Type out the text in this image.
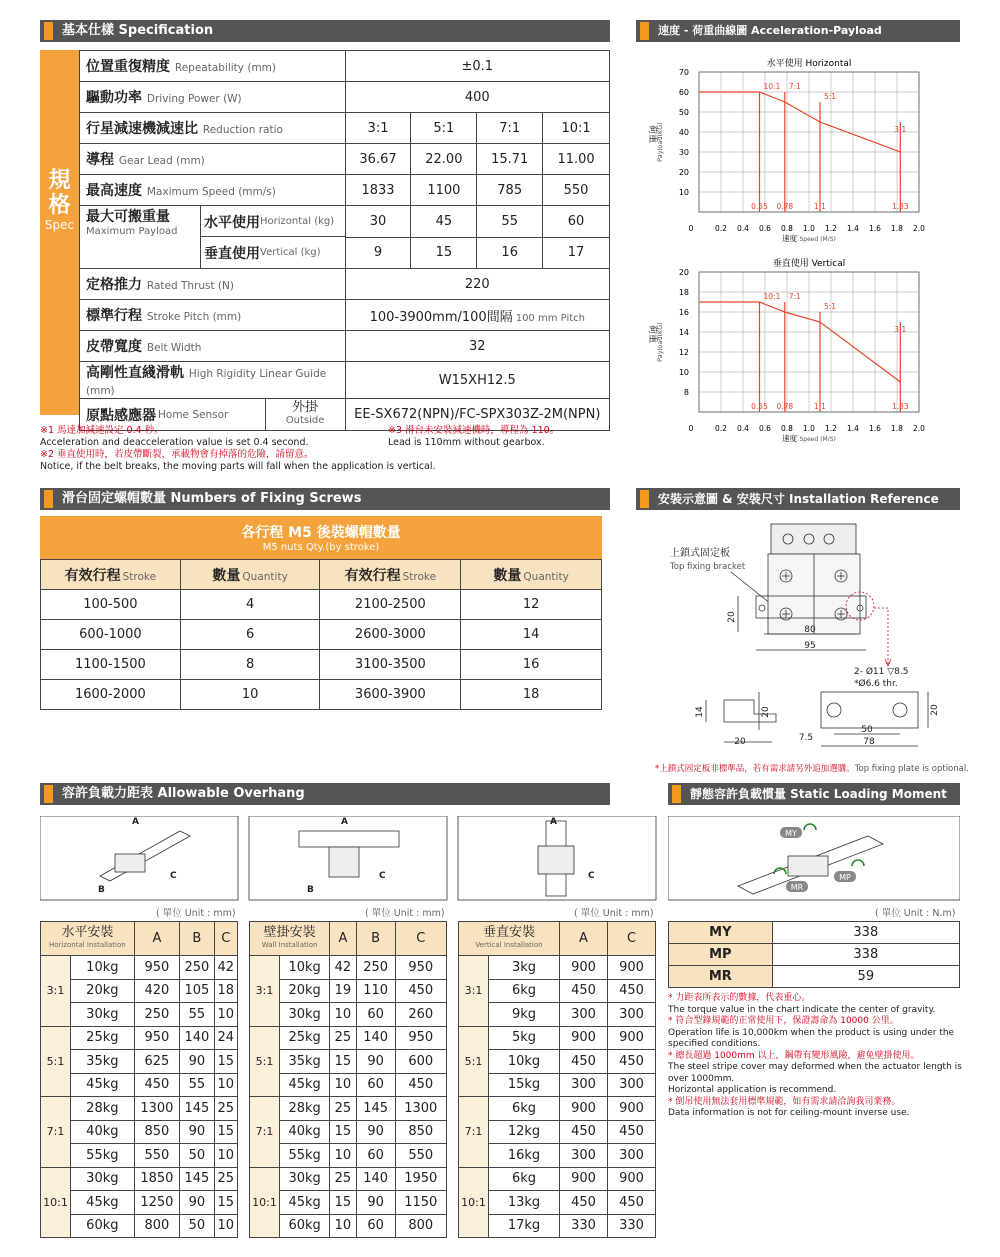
基本仕樣 Specification
規格
Spec
位置重復精度 Repeatability (mm)	±0.1			
驅動功率 Driving Power (W)	400			
行星減速機減速比 Reduction ratio	3:1	5:1	7:1	10:1
導程 Gear Lead (mm)	36.67	22.00	15.71	11.00
最高速度 Maximum Speed (mm/s)	1833	1100	785	550

最大可搬重量
Maximum Payload
水平使用 Horizontal (kg)	30	45	55	60

垂直使用 Vertical (kg)	9	15	16	17
定格推力 Rated Thrust (N)	220			
標準行程 Stroke Pitch (mm)	100-3900mm/100間隔 100 mm Pitch			
皮帶寬度 Belt Width	32			
高剛性直綫滑軌 High Rigidity Linear Guide (mm)	W15XH12.5			

原點感應器 Home Sensor 外掛
Outside	EE-SX672(NPN)/FC-SPX303Z-2M(NPN)			
※1 馬達加減速設定 0.4 秒。
Acceleration and deacceleration value is set 0.4 second.
※2 垂直使用時，若皮帶斷裂，承載物會有掉落的危險，請留意。
Notice, if the belt breaks, the moving parts will fall when the application is vertical.
※3 滑台未安裝減速機時，導程為 110。
Lead is 110mm without gearbox.
速度 - 荷重曲線圖 Acceleration-Payload Relationship
水平使用 Horizontal
70
60
50
40
30
20
10
0	0.2 0.4 0.6 0.8 1.0 1.2 1.4 1.6 1.8 2.0
荷重 Payload(KG)
速度 Speed (M/S)
0.55
10:1
0.78
7:1
1.1
5:1
1.83
3:1
垂直使用 Vertical
20
18
16
14
12
10
8
0	0.2 0.4 0.6 0.8 1.0 1.2 1.4 1.6 1.8 2.0
荷重 Payload(KG)
速度 Speed (M/S)
0.55
10:1
0.78
7:1
1.1
5:1
1.83
3:1
滑台固定螺帽數量 Numbers of Fixing Screws
各行程 M5 後裝螺帽數量
M5 nuts Qty.(by stroke)
有效行程 Stroke	數量 Quantity	有效行程 Stroke	數量 Quantity
100-500	4	2100-2500	12
600-1000	6	2600-3000	14
1100-1500	8	3100-3500	16
1600-2000	10	3600-3900	18
安裝示意圖 & 安裝尺寸 Installation Reference
上鎖式固定板
Top fixing bracket
20
80
95
2- Ø11 ▽8.5
*Ø6.6 thr.
14	20
20	7.5
50
78
20
*上鎖式固定板非標準品，若有需求請另外追加選購。Top fixing plate is optional.
容許負載力距表 Allowable Overhang
A
B
C
A
B
C
A
C
( 單位 Unit : mm)	( 單位 Unit : mm)	( 單位 Unit : mm)
水平安裝
Horizontal Installation		A	B	C
3:1	10kg	950	250	42
	20kg	420	105	18
	30kg	250	55	10
5:1	25kg	950	140	24
	35kg	625	90	15
	45kg	450	55	10
7:1	28kg	1300	145	25
	40kg	850	90	15
	55kg	550	50	10
10:1	30kg	1850	145	25
	45kg	1250	90	15
	60kg	800	50	10
壁掛安裝
Wall Installation		A	B	C
3:1	10kg	42	250	950
	20kg	19	110	450
	30kg	10	60	260
5:1	25kg	25	140	950
	35kg	15	90	600
	45kg	10	60	450
7:1	28kg	25	145	1300
	40kg	15	90	850
	55kg	10	60	550
10:1	30kg	25	140	1950
	45kg	15	90	1150
	60kg	10	60	800
垂直安裝
Vertical Installation		A	C
3:1	3kg	900	900
	6kg	450	450
	9kg	300	300
5:1	5kg	900	900
	10kg	450	450
	15kg	300	300
7:1	6kg	900	900
	12kg	450	450
	16kg	300	300
10:1	6kg	900	900
	13kg	450	450
	17kg	330	330
靜態容許負載慣量 Static Loading Moment
MY
MP
MR
( 單位 Unit : N.m)
MY	338
MP	338
MR	59
* 力距表所表示的數據，代表重心。
The torque value in the chart indicate the center of gravity.
* 符合型錄規範的正常使用下，保證壽命為 10000 公里。
Operation life is 10,000km when the product is using under the specified conditions.
* 總長超過 1000mm 以上，鋼帶有變形風險，避免壁掛使用。
The steel stripe cover may deformed when the actuator length is over 1000mm.
Horizontal application is recommend.
* 倒吊使用無法套用標準規範，如有需求請洽詢我司業務。
Data information is not for ceiling-mount inverse use.
